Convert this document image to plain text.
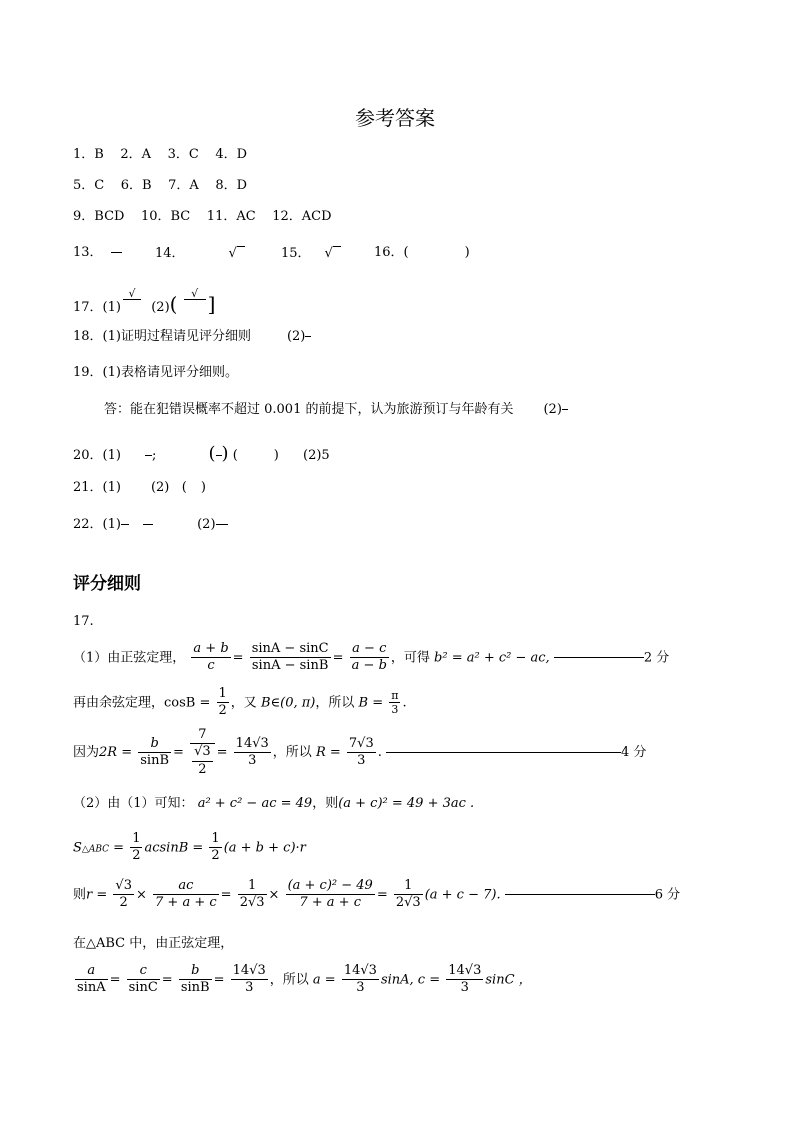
参考答案
1．B 2．A 3．C 4．D
5．C 6．B 7．A 8．D
9．BCD 10．BC 11．AC 12．ACD
13．	14．	√	15． √	16．(	)
17．(1)
√

(2)(	√
]
18．(1)证明过程请见评分细则	(2)
19．(1)表格请见评分细则。
答：能在犯错误概率不超过 0.001 的前提下，认为旅游预订与年龄有关 (2)
20．(1) ;	( ) (	) (2)5
21．(1) (2) ( )
22．(1)	(2)
评分细则
17.
（1）由正弦定理， $\frac{a + b}{c} = \frac{\sin A - \sin C}{\sin A - \sin B} = \frac{a - c}{a - b}$ ，可得 b² = a² + c² − ac,	2 分
再由余弦定理，$\cos B = \frac{1}{2}$ ，又 B∈(0, π)，所以 $B = \frac{\pi}{3}$ .
因为$2R = \frac{b}{\sin B} = \frac{7}{\frac{√3}{2}} = \frac{14√3}{3}$ ，所以 $R = \frac{7√3}{3}$ .	4 分
（2）由（1）可知： a² + c² − ac = 49，则(a + c)² = 49 + 3ac .
S△ABC = $\frac{1}{2}$ $acsinB = \frac{1}{2} (a + b + c)\cdot r$
则$r = \frac{√3}{2} \times \frac{ac}{7 + a + c} = \frac{1}{2√3} \times \frac{\text{(a + c)² − 49}}{7 + a + c} = \frac{1}{2√3} (a + c - 7)$.	6 分
在△ABC 中，由正弦定理，
$\frac{a}{\sin A} = \frac{c}{\sin C} = \frac{b}{\sin B} = \frac{14√3}{3}$ ，所以 $a = \frac{14√3}{3} \sin A$, $c = \frac{14√3}{3}$ sinC ，
